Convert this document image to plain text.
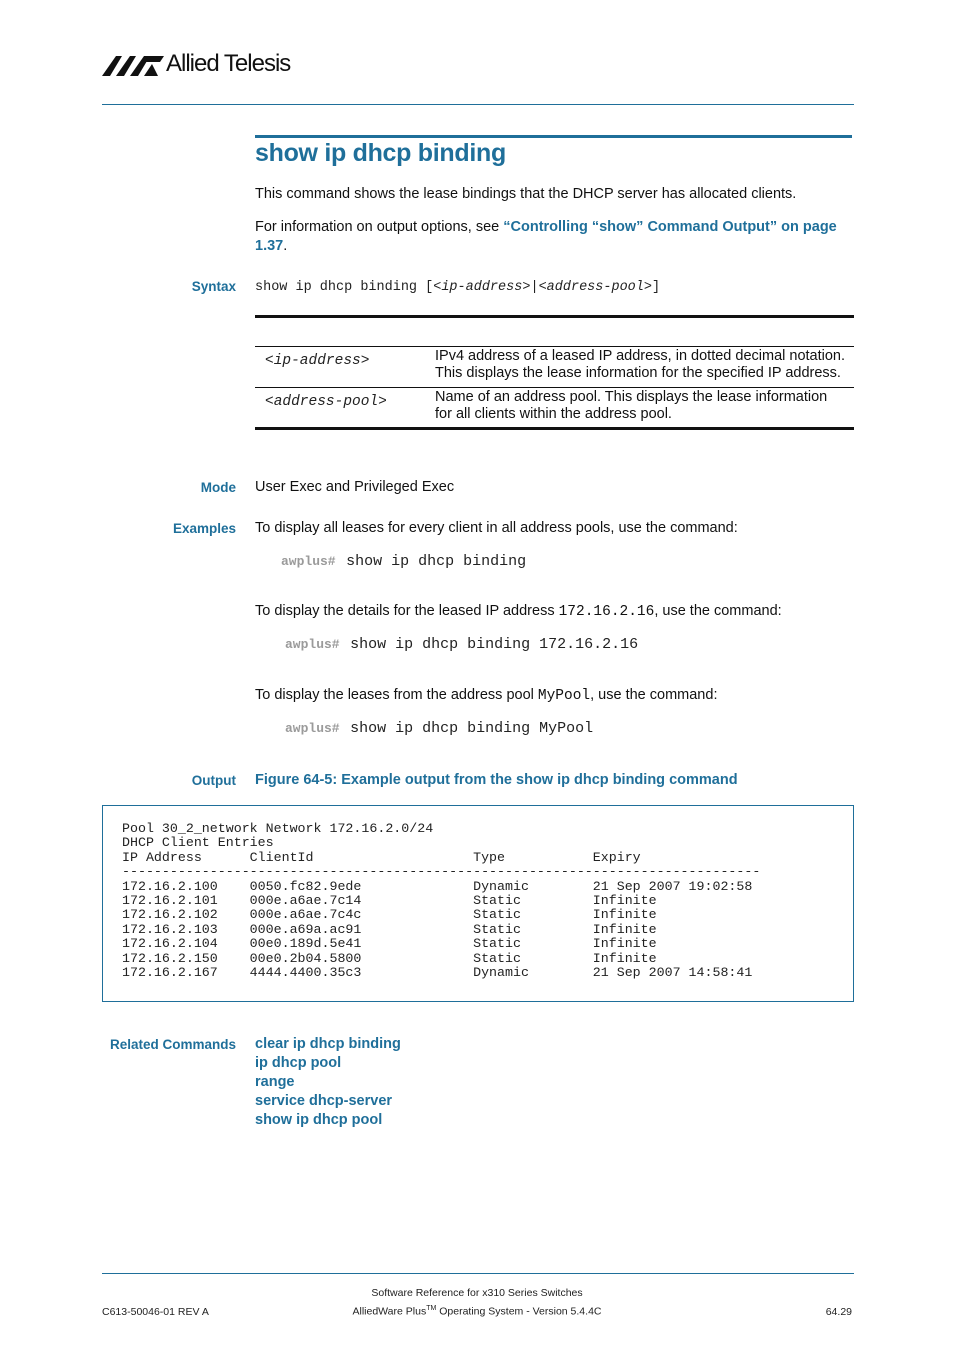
Allied Telesis
show ip dhcp binding
This command shows the lease bindings that the DHCP server has allocated clients.
For information on output options, see “Controlling “show” Command Output” on page 1.37.
Syntax show ip dhcp binding [<ip-address>|<address-pool>]

<ip-address>	IPv4 address of a leased IP address, in dotted decimal notation. This displays the lease information for the specified IP address.
<address-pool>	Name of an address pool. This displays the lease information for all clients within the address pool.
Mode User Exec and Privileged Exec
Examples To display all leases for every client in all address pools, use the command:
awplus# show ip dhcp binding
To display the details for the leased IP address 172.16.2.16, use the command:
awplus# show ip dhcp binding 172.16.2.16
To display the leases from the address pool MyPool, use the command:
awplus# show ip dhcp binding MyPool
Output Figure 64-5: Example output from the show ip dhcp binding command
Pool 30_2_network Network 172.16.2.0/24
DHCP Client Entries
IP Address      ClientId                    Type           Expiry
--------------------------------------------------------------------------------
172.16.2.100    0050.fc82.9ede              Dynamic        21 Sep 2007 19:02:58
172.16.2.101    000e.a6ae.7c14              Static         Infinite
172.16.2.102    000e.a6ae.7c4c              Static         Infinite
172.16.2.103    000e.a69a.ac91              Static         Infinite
172.16.2.104    00e0.189d.5e41              Static         Infinite
172.16.2.150    00e0.2b04.5800              Static         Infinite
172.16.2.167    4444.4400.35c3              Dynamic        21 Sep 2007 14:58:41
Related Commands clear ip dhcp binding
ip dhcp pool
range
service dhcp-server
show ip dhcp pool
Software Reference for x310 Series Switches
AlliedWare Plus™ Operating System - Version 5.4.4C
C613-50046-01 REV A	64.29
